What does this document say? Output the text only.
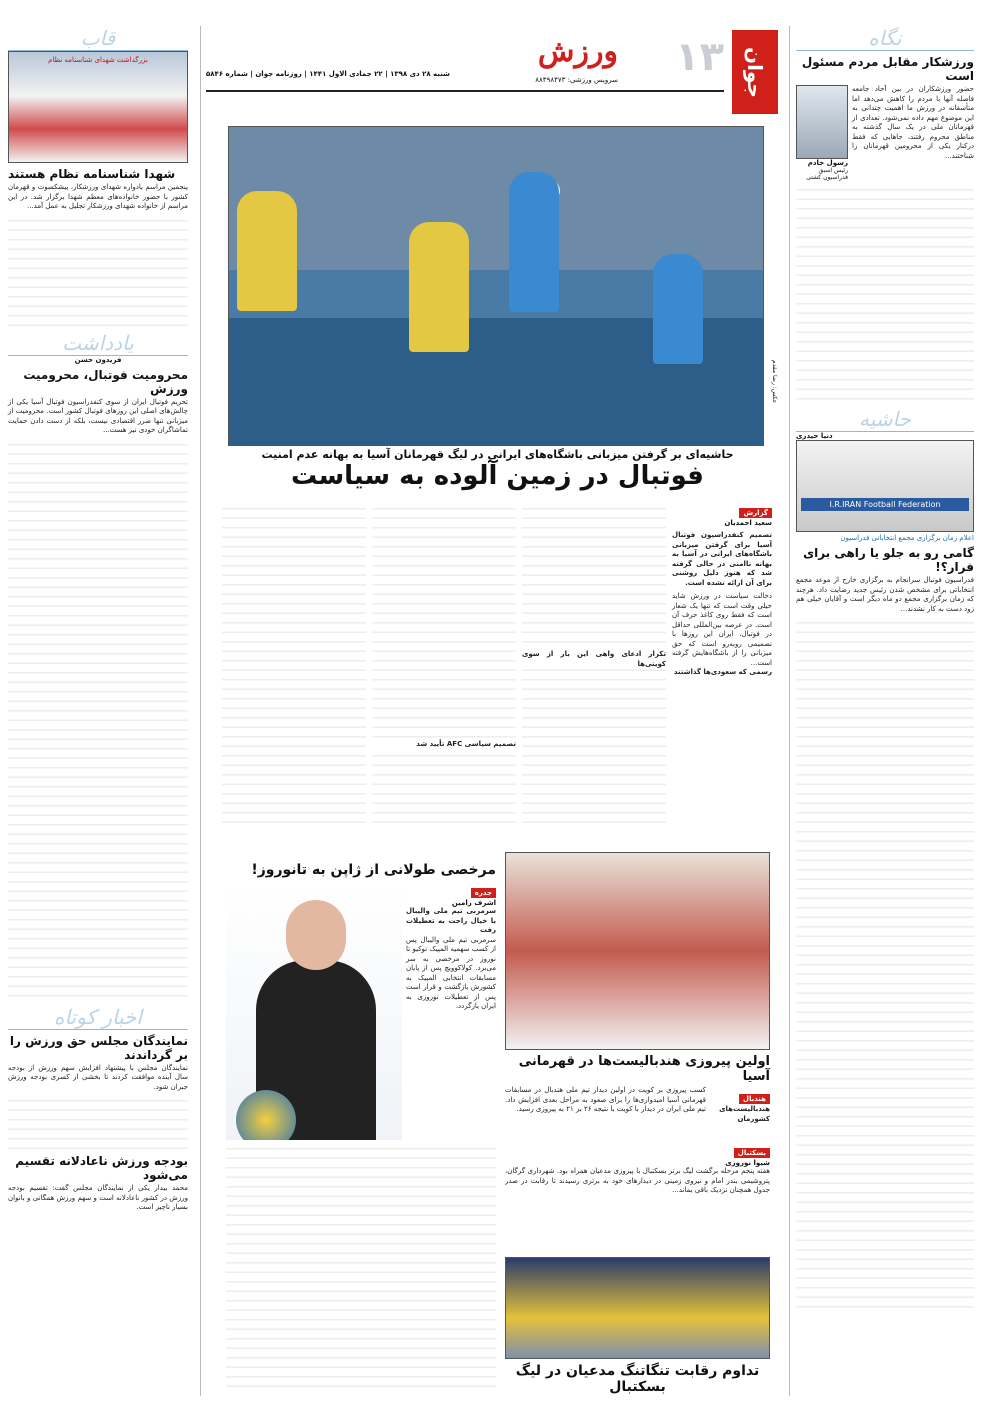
نگاه
ورزشکار مقابل مردم مسئول است
حضور ورزشکاران در بین آحاد جامعه فاصله آنها با مردم را کاهش می‌دهد اما متأسفانه در ورزش ما اهمیت چندانی به این موضوع مهم داده نمی‌شود. تعدادی از قهرمانان ملی در یک سال گذشته به مناطق محروم رفتند، جاهایی که فقط درکنار یکی از محرومین قهرمانان را شناختند...
رسول خادم
رئیس اسبق فدراسیون کشتی
حاشیه
دنیا حیدری
I.R.IRAN Football Federation
اعلام زمان برگزاری مجمع انتخاباتی فدراسیون
گامی رو به جلو یا راهی برای فرار؟!
فدراسیون فوتبال سرانجام به برگزاری خارج از موعد مجمع انتخاباتی برای مشخص شدن رئیس جدید رضایت داد. هرچند که زمان برگزاری مجمع دو ماه دیگر است و آقایان خیلی هم زود دست به کار نشدند...
جوان
۱۳
ورزش
سرویس ورزشی: ۸۸۴۹۸۴۷۳
شنبه ۲۸ دی ۱۳۹۸ | ۲۲ جمادی الاول ۱۴۴۱ | روزنامه جوان | شماره ۵۸۴۶
عکس: رضا مقدم
حاشیه‌ای بر گرفتن میزبانی باشگاه‌های ایرانی در لیگ قهرمانان آسیا به بهانه عدم امنیت
فوتبال در زمین آلوده به سیاست
گزارش
سعید احمدیان
تصمیم کنفدراسیون فوتبال آسیا برای گرفتن میزبانی باشگاه‌های ایرانی در آسیا به بهانه ناامنی در حالی گرفته شد که هنوز دلیل روشنی برای آن ارائه نشده است.
دخالت سیاست در ورزش شاید خیلی وقت است که تنها یک شعار است که فقط روی کاغذ حرف آن است. در عرصه بین‌المللی حداقل در فوتبال، ایران این روزها با تصمیمی روبه‌رو است که حق میزبانی را از باشگاه‌هایش گرفته است...
رسمی که سعودی‌ها گذاشتند
تکرار ادعای واهی این بار از سوی کویتی‌ها
تصمیم سیاسی AFC تأیید شد
اولین پیروزی هندبالیست‌ها در قهرمانی آسیا
هندبال
هندبالیست‌های کشورمان
کسب پیروزی بر کویت در اولین دیدار تیم ملی هندبال در مسابقات قهرمانی آسیا امیدواری‌ها را برای صعود به مراحل بعدی افزایش داد. تیم ملی ایران در دیدار با کویت با نتیجه ۲۶ بر ۲۱ به پیروزی رسید.
مرخصی طولانی از ژاپن به تانوروز!
جدره
اشرف رامین
سرمربی تیم ملی والیبال با خیال راحت به تعطیلات رفت
سرمربی تیم ملی والیبال پس از کسب سهمیه المپیک توکیو تا نوروز در مرخصی به سر می‌برد. کولاکوویچ پس از پایان مسابقات انتخابی المپیک به کشورش بازگشت و قرار است پس از تعطیلات نوروزی به ایران بازگردد.
بسکتبال
شیوا نوروزی
هفته پنجم مرحله برگشت لیگ برتر بسکتبال با پیروزی مدعیان همراه بود. شهرداری گرگان، پتروشیمی بندر امام و نیروی زمینی در دیدارهای خود به برتری رسیدند تا رقابت در صدر جدول همچنان نزدیک باقی بماند...
تداوم رقابت تنگاتنگ مدعیان در لیگ بسکتبال
قاب
بزرگداشت شهدای شناسنامه نظام
شهدا شناسنامه نظام هستند
پنجمین مراسم یادواره شهدای ورزشکار، پیشکسوت و قهرمان کشور با حضور خانواده‌های معظم شهدا برگزار شد. در این مراسم از خانواده شهدای ورزشکار تجلیل به عمل آمد...
یادداشت
فریدون حسن
محرومیت فوتبال، محرومیت ورزش
تحریم فوتبال ایران از سوی کنفدراسیون فوتبال آسیا یکی از چالش‌های اصلی این روزهای فوتبال کشور است. محرومیت از میزبانی تنها ضرر اقتصادی نیست، بلکه از دست دادن حمایت تماشاگران خودی نیز هست...
اخبار کوتاه
نمایندگان مجلس حق ورزش را بر گرداندند
نمایندگان مجلس با پیشنهاد افزایش سهم ورزش از بودجه سال آینده موافقت کردند تا بخشی از کسری بودجه ورزش جبران شود.
بودجه ورزش ناعادلانه تقسیم می‌شود
محمد بیدار یکی از نمایندگان مجلس گفت: تقسیم بودجه ورزش در کشور ناعادلانه است و سهم ورزش همگانی و بانوان بسیار ناچیز است.
